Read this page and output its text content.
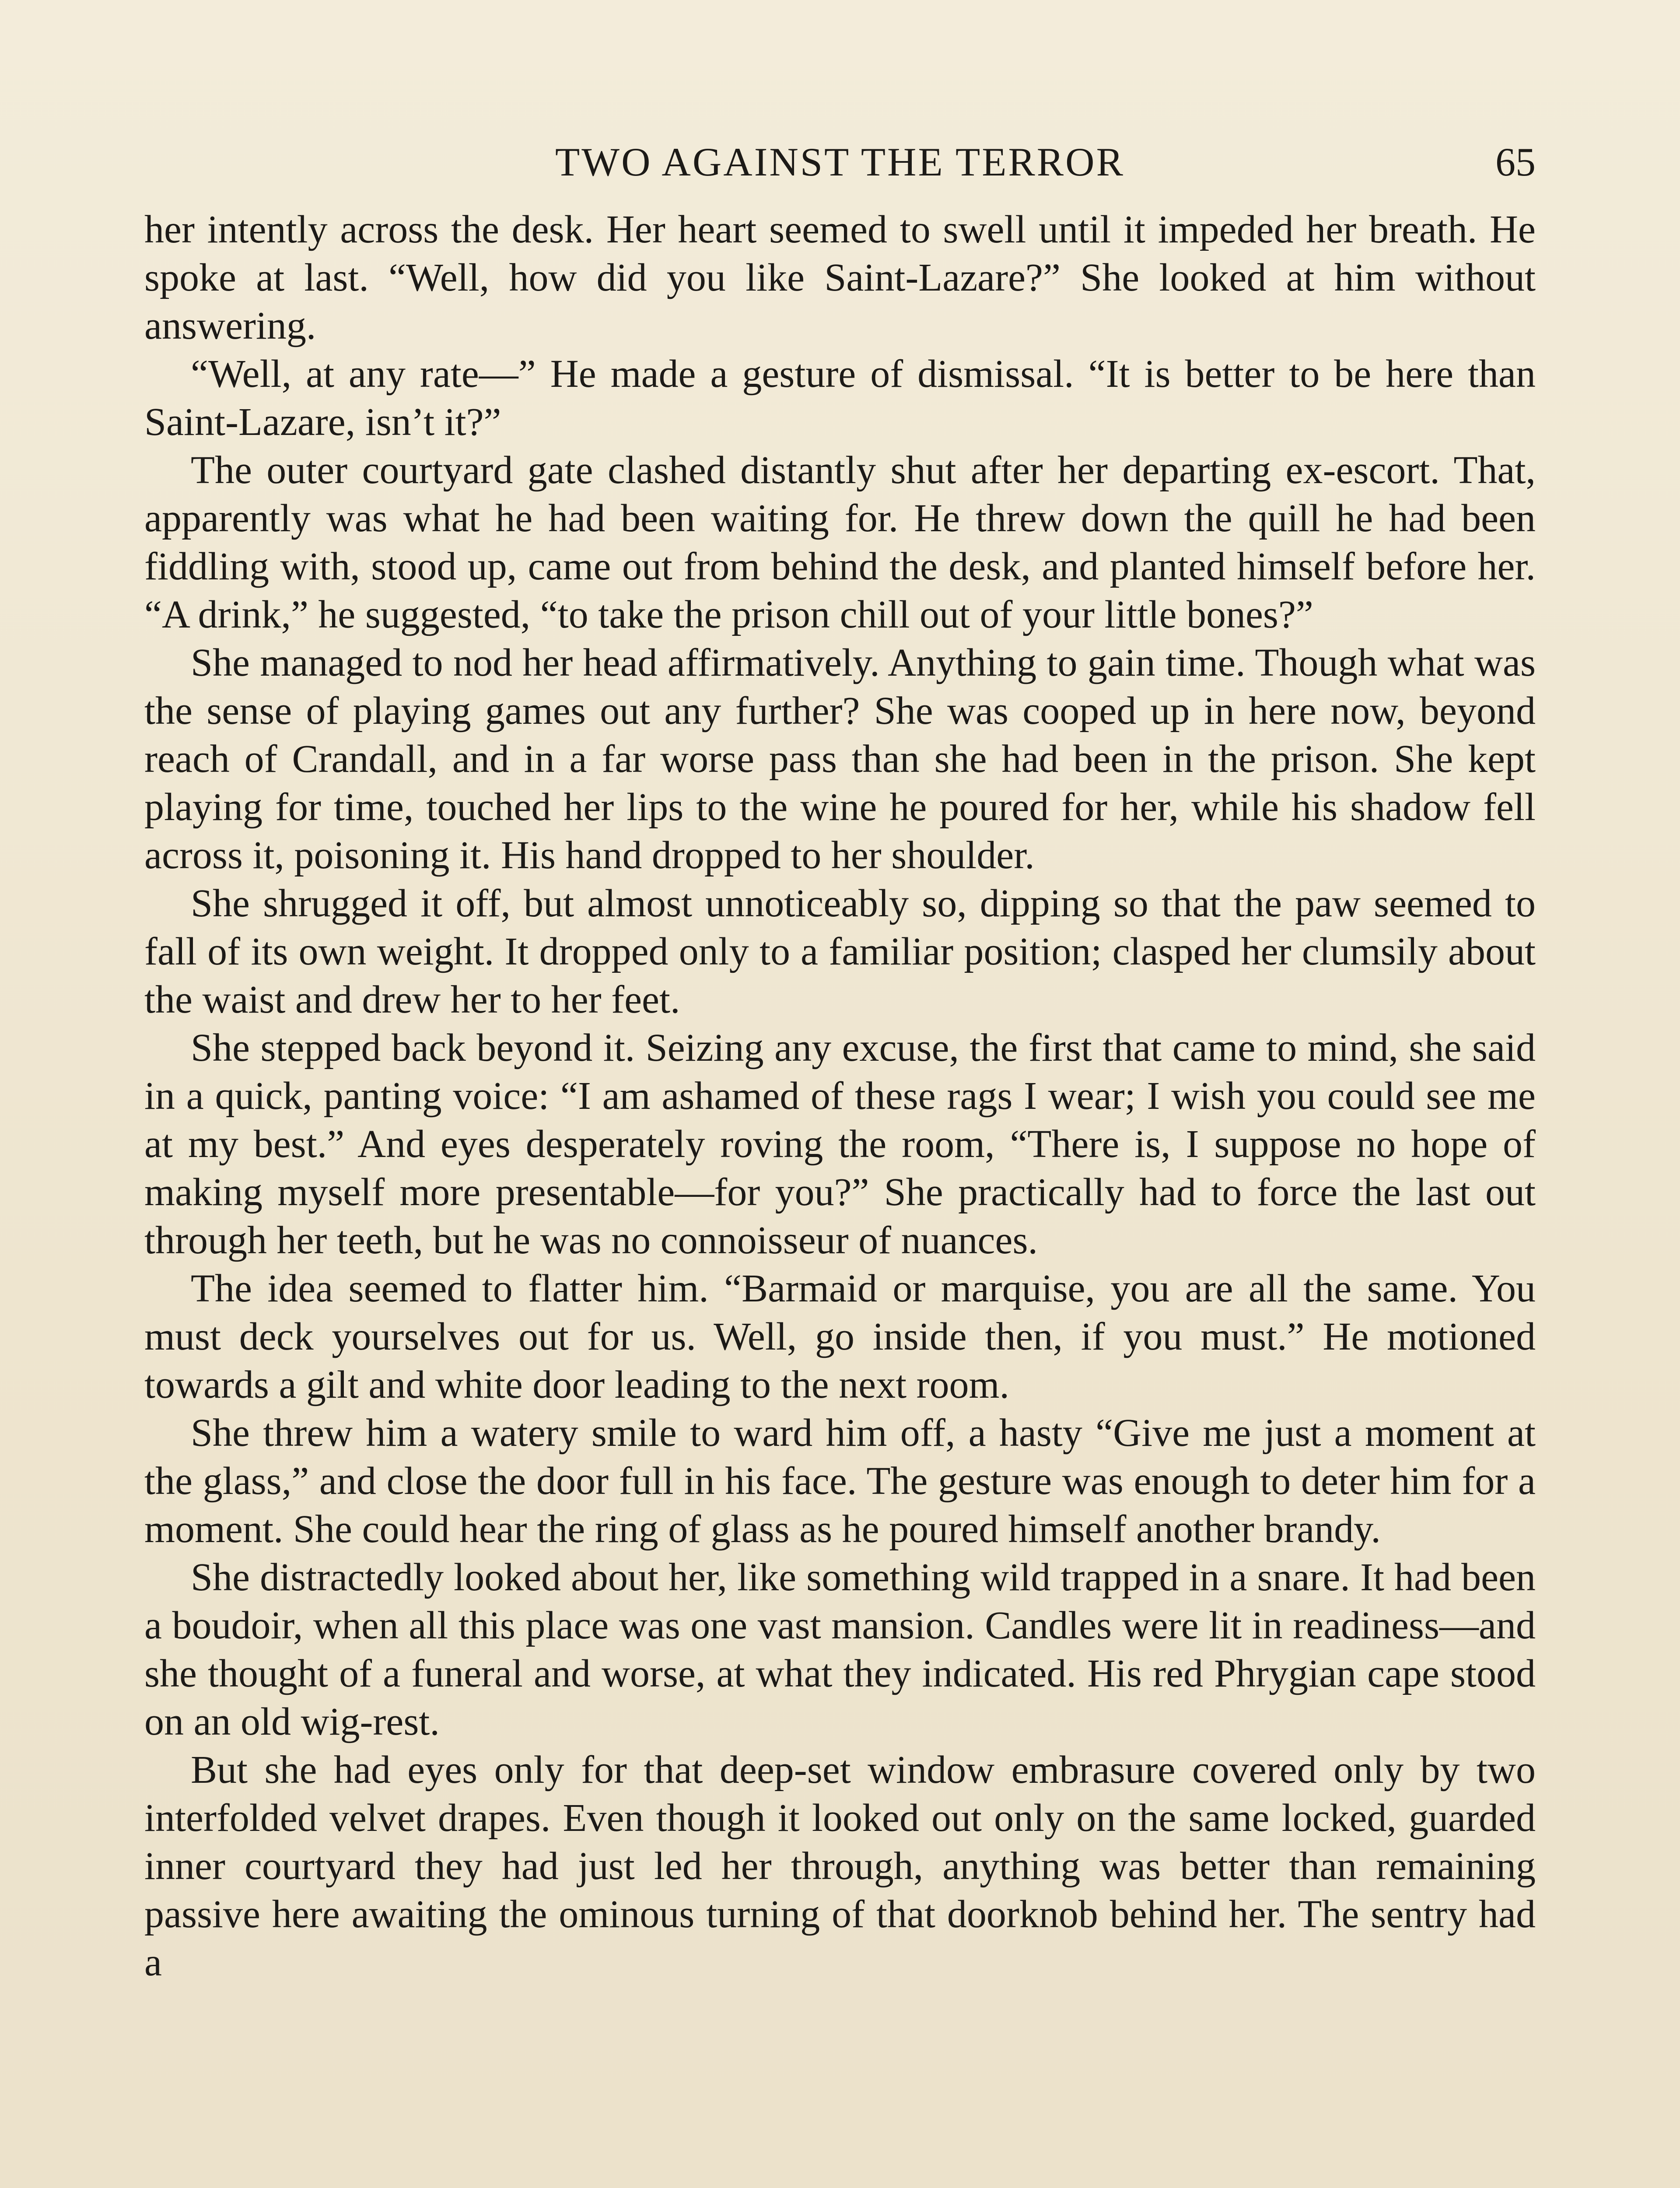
TWO AGAINST THE TERROR	65

her intently across the desk. Her heart seemed to swell until it impeded her breath. He spoke at last. “Well, how did you like Saint-Lazare?” She looked at him without answering.

“Well, at any rate—” He made a gesture of dismissal. “It is better to be here than Saint-Lazare, isn’t it?”

The outer courtyard gate clashed distantly shut after her departing ex-escort. That, apparently was what he had been waiting for. He threw down the quill he had been fiddling with, stood up, came out from behind the desk, and planted himself before her. “A drink,” he suggested, “to take the prison chill out of your little bones?”

She managed to nod her head affirmatively. Anything to gain time. Though what was the sense of playing games out any further? She was cooped up in here now, beyond reach of Crandall, and in a far worse pass than she had been in the prison. She kept playing for time, touched her lips to the wine he poured for her, while his shadow fell across it, poisoning it. His hand dropped to her shoulder.

She shrugged it off, but almost unnoticeably so, dipping so that the paw seemed to fall of its own weight. It dropped only to a familiar position; clasped her clumsily about the waist and drew her to her feet.

She stepped back beyond it. Seizing any excuse, the first that came to mind, she said in a quick, panting voice: “I am ashamed of these rags I wear; I wish you could see me at my best.” And eyes desperately roving the room, “There is, I suppose no hope of making myself more presentable—for you?” She practically had to force the last out through her teeth, but he was no connoisseur of nuances.

The idea seemed to flatter him. “Barmaid or marquise, you are all the same. You must deck yourselves out for us. Well, go inside then, if you must.” He motioned towards a gilt and white door leading to the next room.

She threw him a watery smile to ward him off, a hasty “Give me just a moment at the glass,” and close the door full in his face. The gesture was enough to deter him for a moment. She could hear the ring of glass as he poured himself another brandy.

She distractedly looked about her, like something wild trapped in a snare. It had been a boudoir, when all this place was one vast mansion. Candles were lit in readiness—and she thought of a funeral and worse, at what they indicated. His red Phrygian cape stood on an old wig-rest.

But she had eyes only for that deep-set window embrasure covered only by two interfolded velvet drapes. Even though it looked out only on the same locked, guarded inner courtyard they had just led her through, anything was better than remaining passive here awaiting the ominous turning of that doorknob behind her. The sentry had a
